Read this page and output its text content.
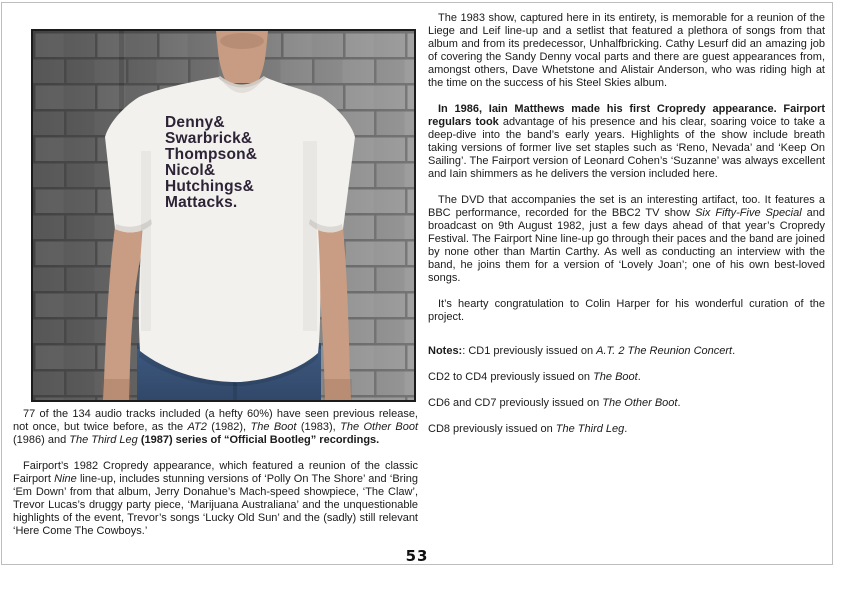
Denny&
Swarbrick&
Thompson&
Nicol&
Hutchings&
Mattacks.

77 of the 134 audio tracks included (a hefty 60%) have seen previous release, not once, but twice before, as the AT2 (1982), The Boot (1983), The Other Boot (1986) and The Third Leg (1987) series of “Official Bootleg” recordings.

Fairport’s 1982 Cropredy appearance, which featured a reunion of the classic Fairport Nine line-up, includes stunning versions of ‘Polly On The Shore’ and ‘Bring ‘Em Down’ from that album, Jerry Donahue’s Mach-speed showpiece, ‘The Claw’, Trevor Lucas’s druggy party piece, ‘Marijuana Australiana’ and the unquestionable highlights of the event, Trevor’s songs ‘Lucky Old Sun’ and the (sadly) still relevant ‘Here Come The Cowboys.’

The 1983 show, captured here in its entirety, is memorable for a reunion of the Liege and Leif line-up and a setlist that featured a plethora of songs from that album and from its predecessor, Unhalfbricking. Cathy Lesurf did an amazing job of covering the Sandy Denny vocal parts and there are guest appearances from, amongst others, Dave Whetstone and Alistair Anderson, who was riding high at the time on the success of his Steel Skies album.

In 1986, Iain Matthews made his first Cropredy appearance. Fairport regulars took advantage of his presence and his clear, soaring voice to take a deep-dive into the band’s early years. Highlights of the show include breath taking versions of former live set staples such as ‘Reno, Nevada’ and ‘Keep On Sailing’. The Fairport version of Leonard Cohen’s ‘Suzanne’ was always excellent and Iain shimmers as he delivers the version included here.

The DVD that accompanies the set is an interesting artifact, too. It features a BBC performance, recorded for the BBC2 TV show Six Fifty-Five Special and broadcast on 9th August 1982, just a few days ahead of that year’s Cropredy Festival. The Fairport Nine line-up go through their paces and the band are joined by none other than Martin Carthy. As well as conducting an interview with the band, he joins them for a version of ‘Lovely Joan’; one of his own best-loved songs.

It’s hearty congratulation to Colin Harper for his wonderful curation of the project.

Notes:: CD1 previously issued on A.T. 2 The Reunion Concert.

CD2 to CD4 previously issued on The Boot.

CD6 and CD7 previously issued on The Other Boot.

CD8 previously issued on The Third Leg.

53
